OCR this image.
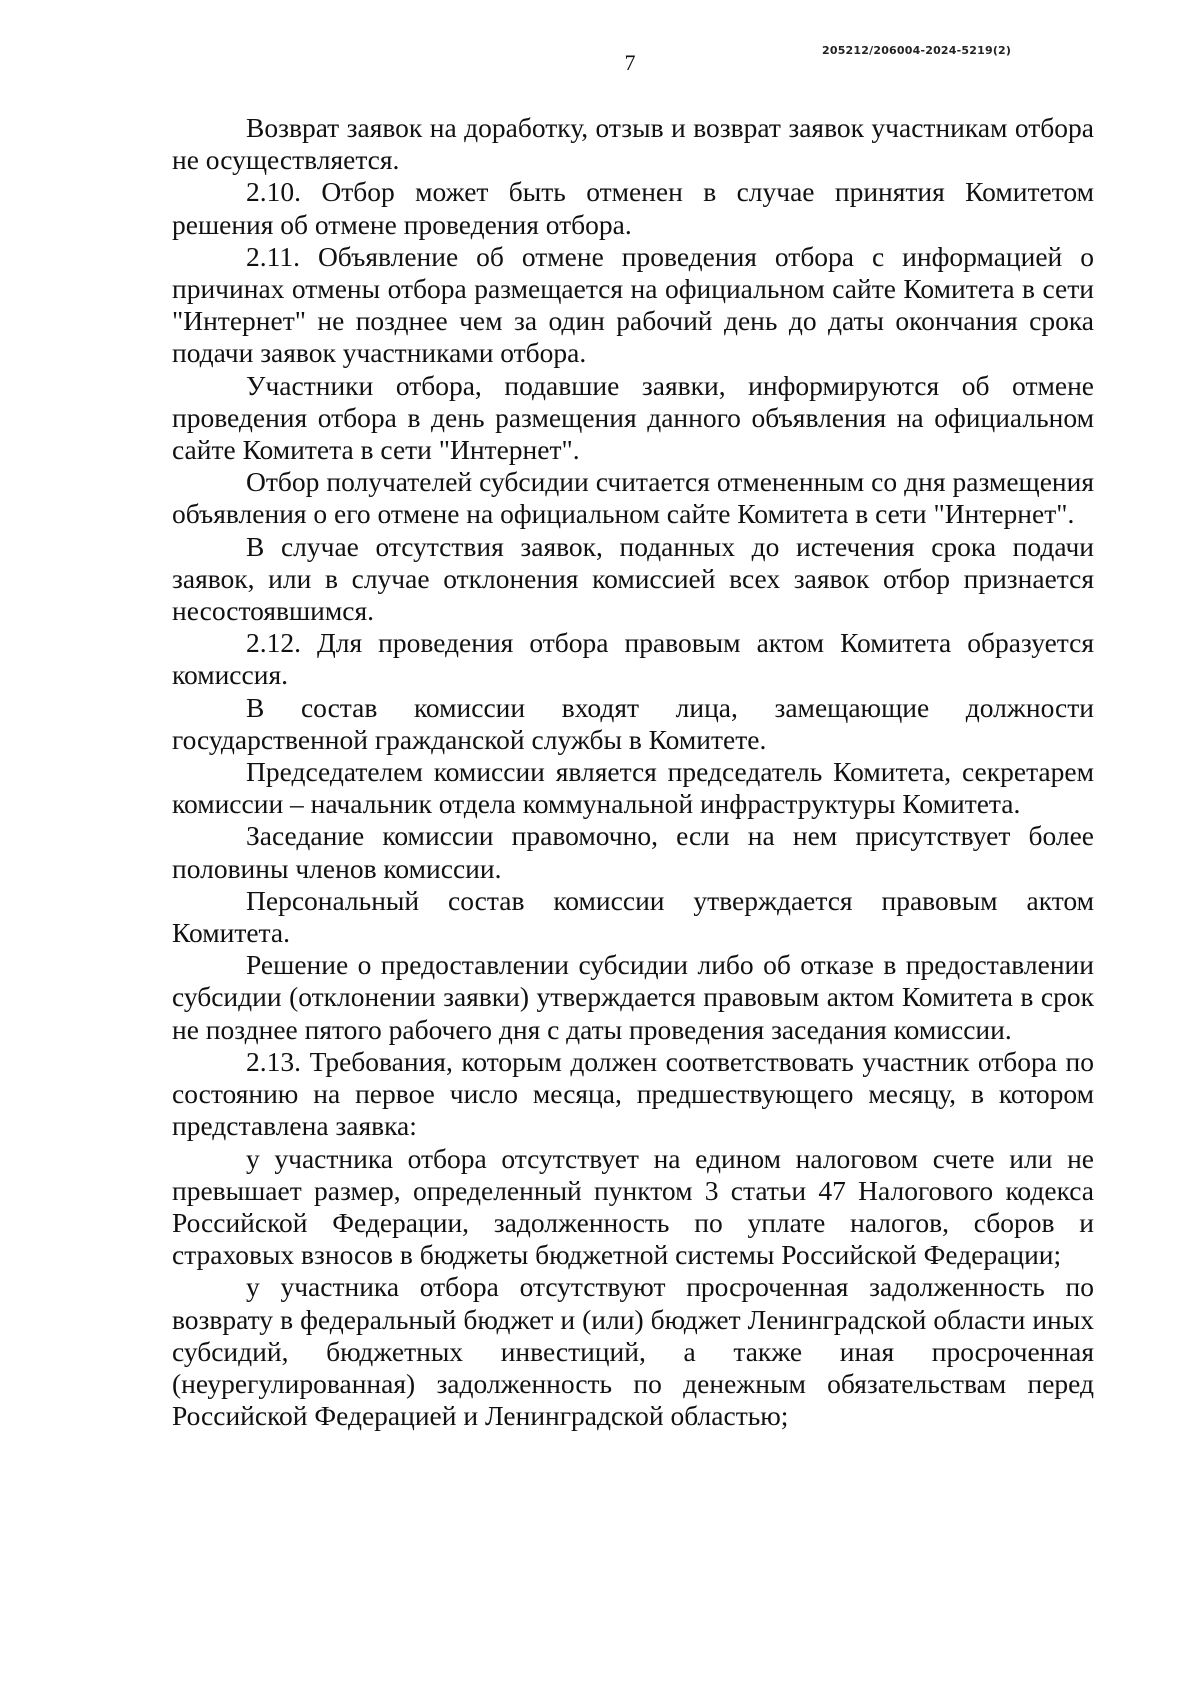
205212/206004-2024-5219(2)
7

Возврат заявок на доработку, отзыв и возврат заявок участникам отбора не осуществляется.

2.10. Отбор может быть отменен в случае принятия Комитетом решения об отмене проведения отбора.

2.11. Объявление об отмене проведения отбора с информацией о причинах отмены отбора размещается на официальном сайте Комитета в сети "Интернет" не позднее чем за один рабочий день до даты окончания срока подачи заявок участниками отбора.

Участники отбора, подавшие заявки, информируются об отмене проведения отбора в день размещения данного объявления на официальном сайте Комитета в сети "Интернет".

Отбор получателей субсидии считается отмененным со дня размещения объявления о его отмене на официальном сайте Комитета в сети "Интернет".

В случае отсутствия заявок, поданных до истечения срока подачи заявок, или в случае отклонения комиссией всех заявок отбор признается несостоявшимся.

2.12. Для проведения отбора правовым актом Комитета образуется комиссия.

В состав комиссии входят лица, замещающие должности государственной гражданской службы в Комитете.

Председателем комиссии является председатель Комитета, секретарем комиссии – начальник отдела коммунальной инфраструктуры Комитета.

Заседание комиссии правомочно, если на нем присутствует более половины членов комиссии.

Персональный состав комиссии утверждается правовым актом Комитета.

Решение о предоставлении субсидии либо об отказе в предоставлении субсидии (отклонении заявки) утверждается правовым актом Комитета в срок не позднее пятого рабочего дня с даты проведения заседания комиссии.

2.13. Требования, которым должен соответствовать участник отбора по состоянию на первое число месяца, предшествующего месяцу, в котором представлена заявка:

у участника отбора отсутствует на едином налоговом счете или не превышает размер, определенный пунктом 3 статьи 47 Налогового кодекса Российской Федерации, задолженность по уплате налогов, сборов и страховых взносов в бюджеты бюджетной системы Российской Федерации;

у участника отбора отсутствуют просроченная задолженность по возврату в федеральный бюджет и (или) бюджет Ленинградской области иных субсидий, бюджетных инвестиций, а также иная просроченная (неурегулированная) задолженность по денежным обязательствам перед Российской Федерацией и Ленинградской областью;
